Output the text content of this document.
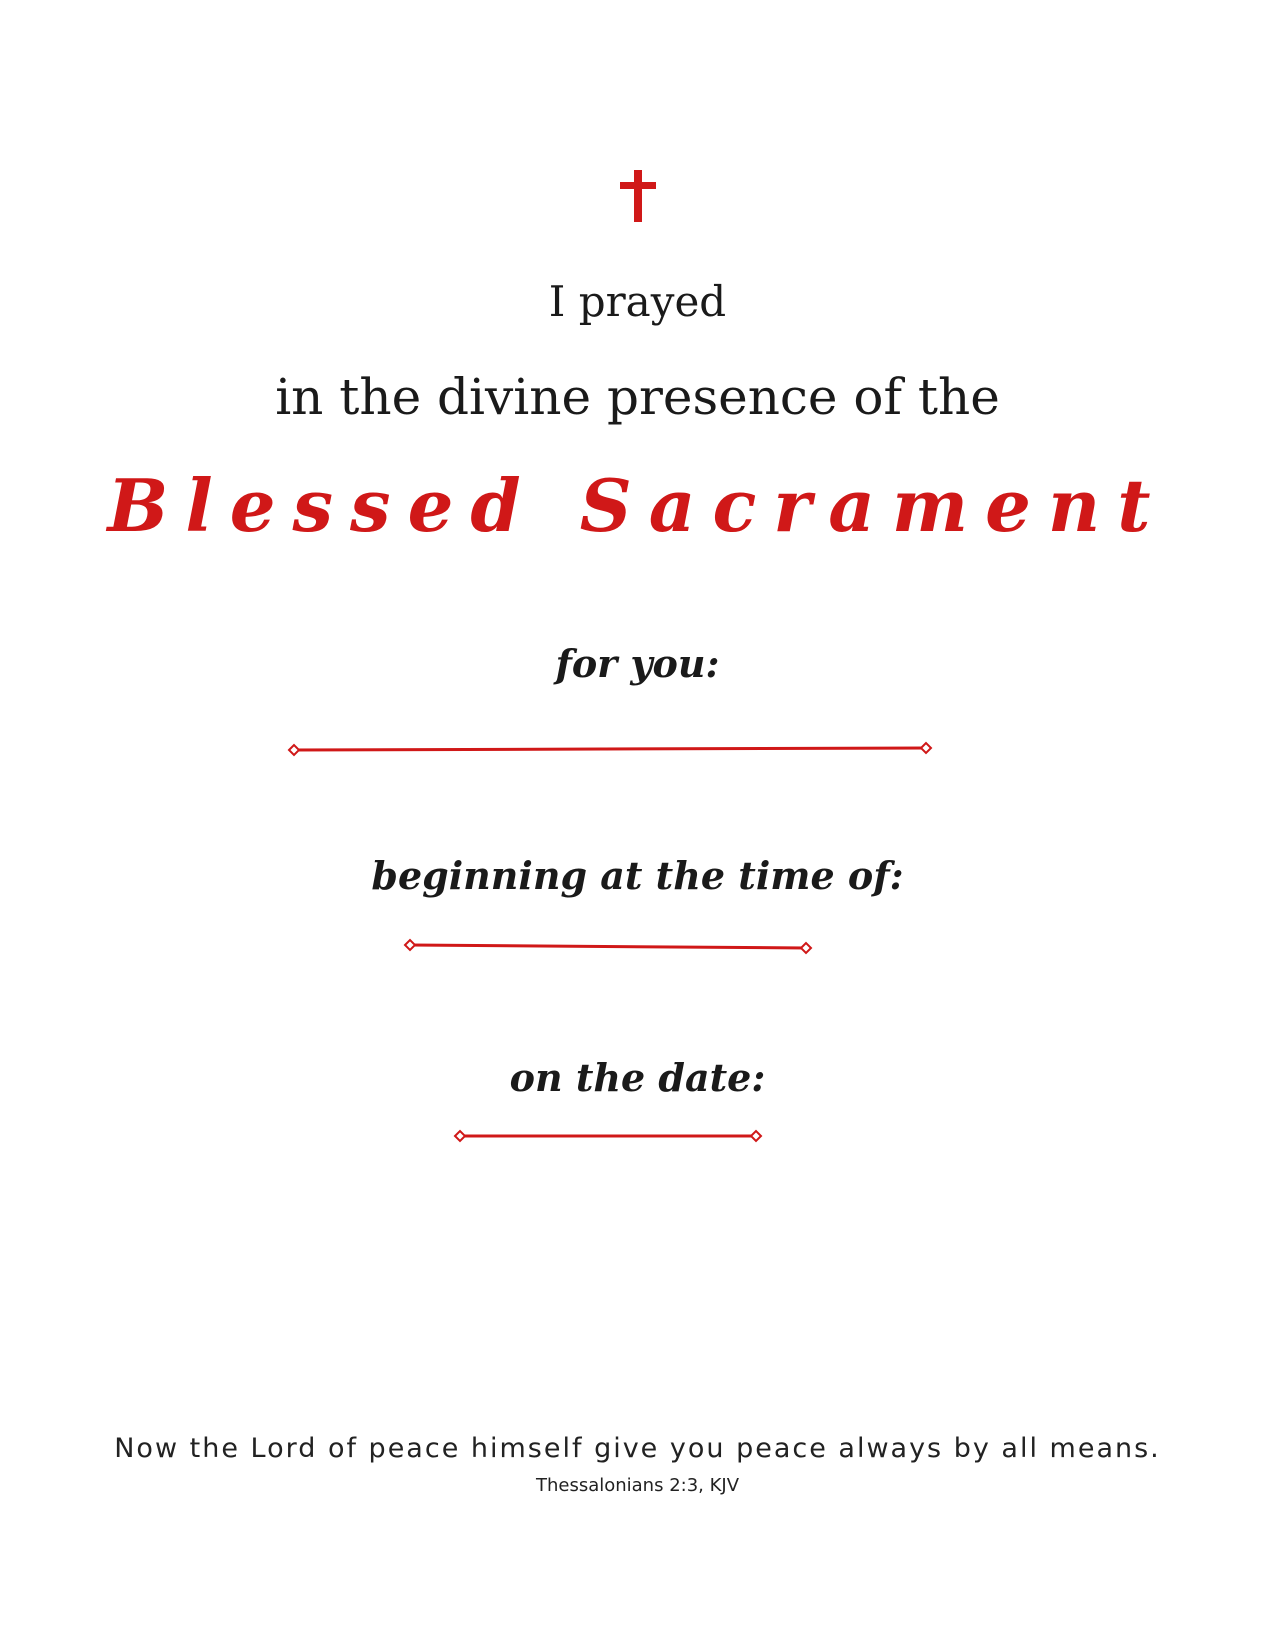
I prayed
in the divine presence of the
Blessed Sacrament
for you:
beginning at the time of:
on the date:
Now the Lord of peace himself give you peace always by all means.
Thessalonians 2:3, KJV
